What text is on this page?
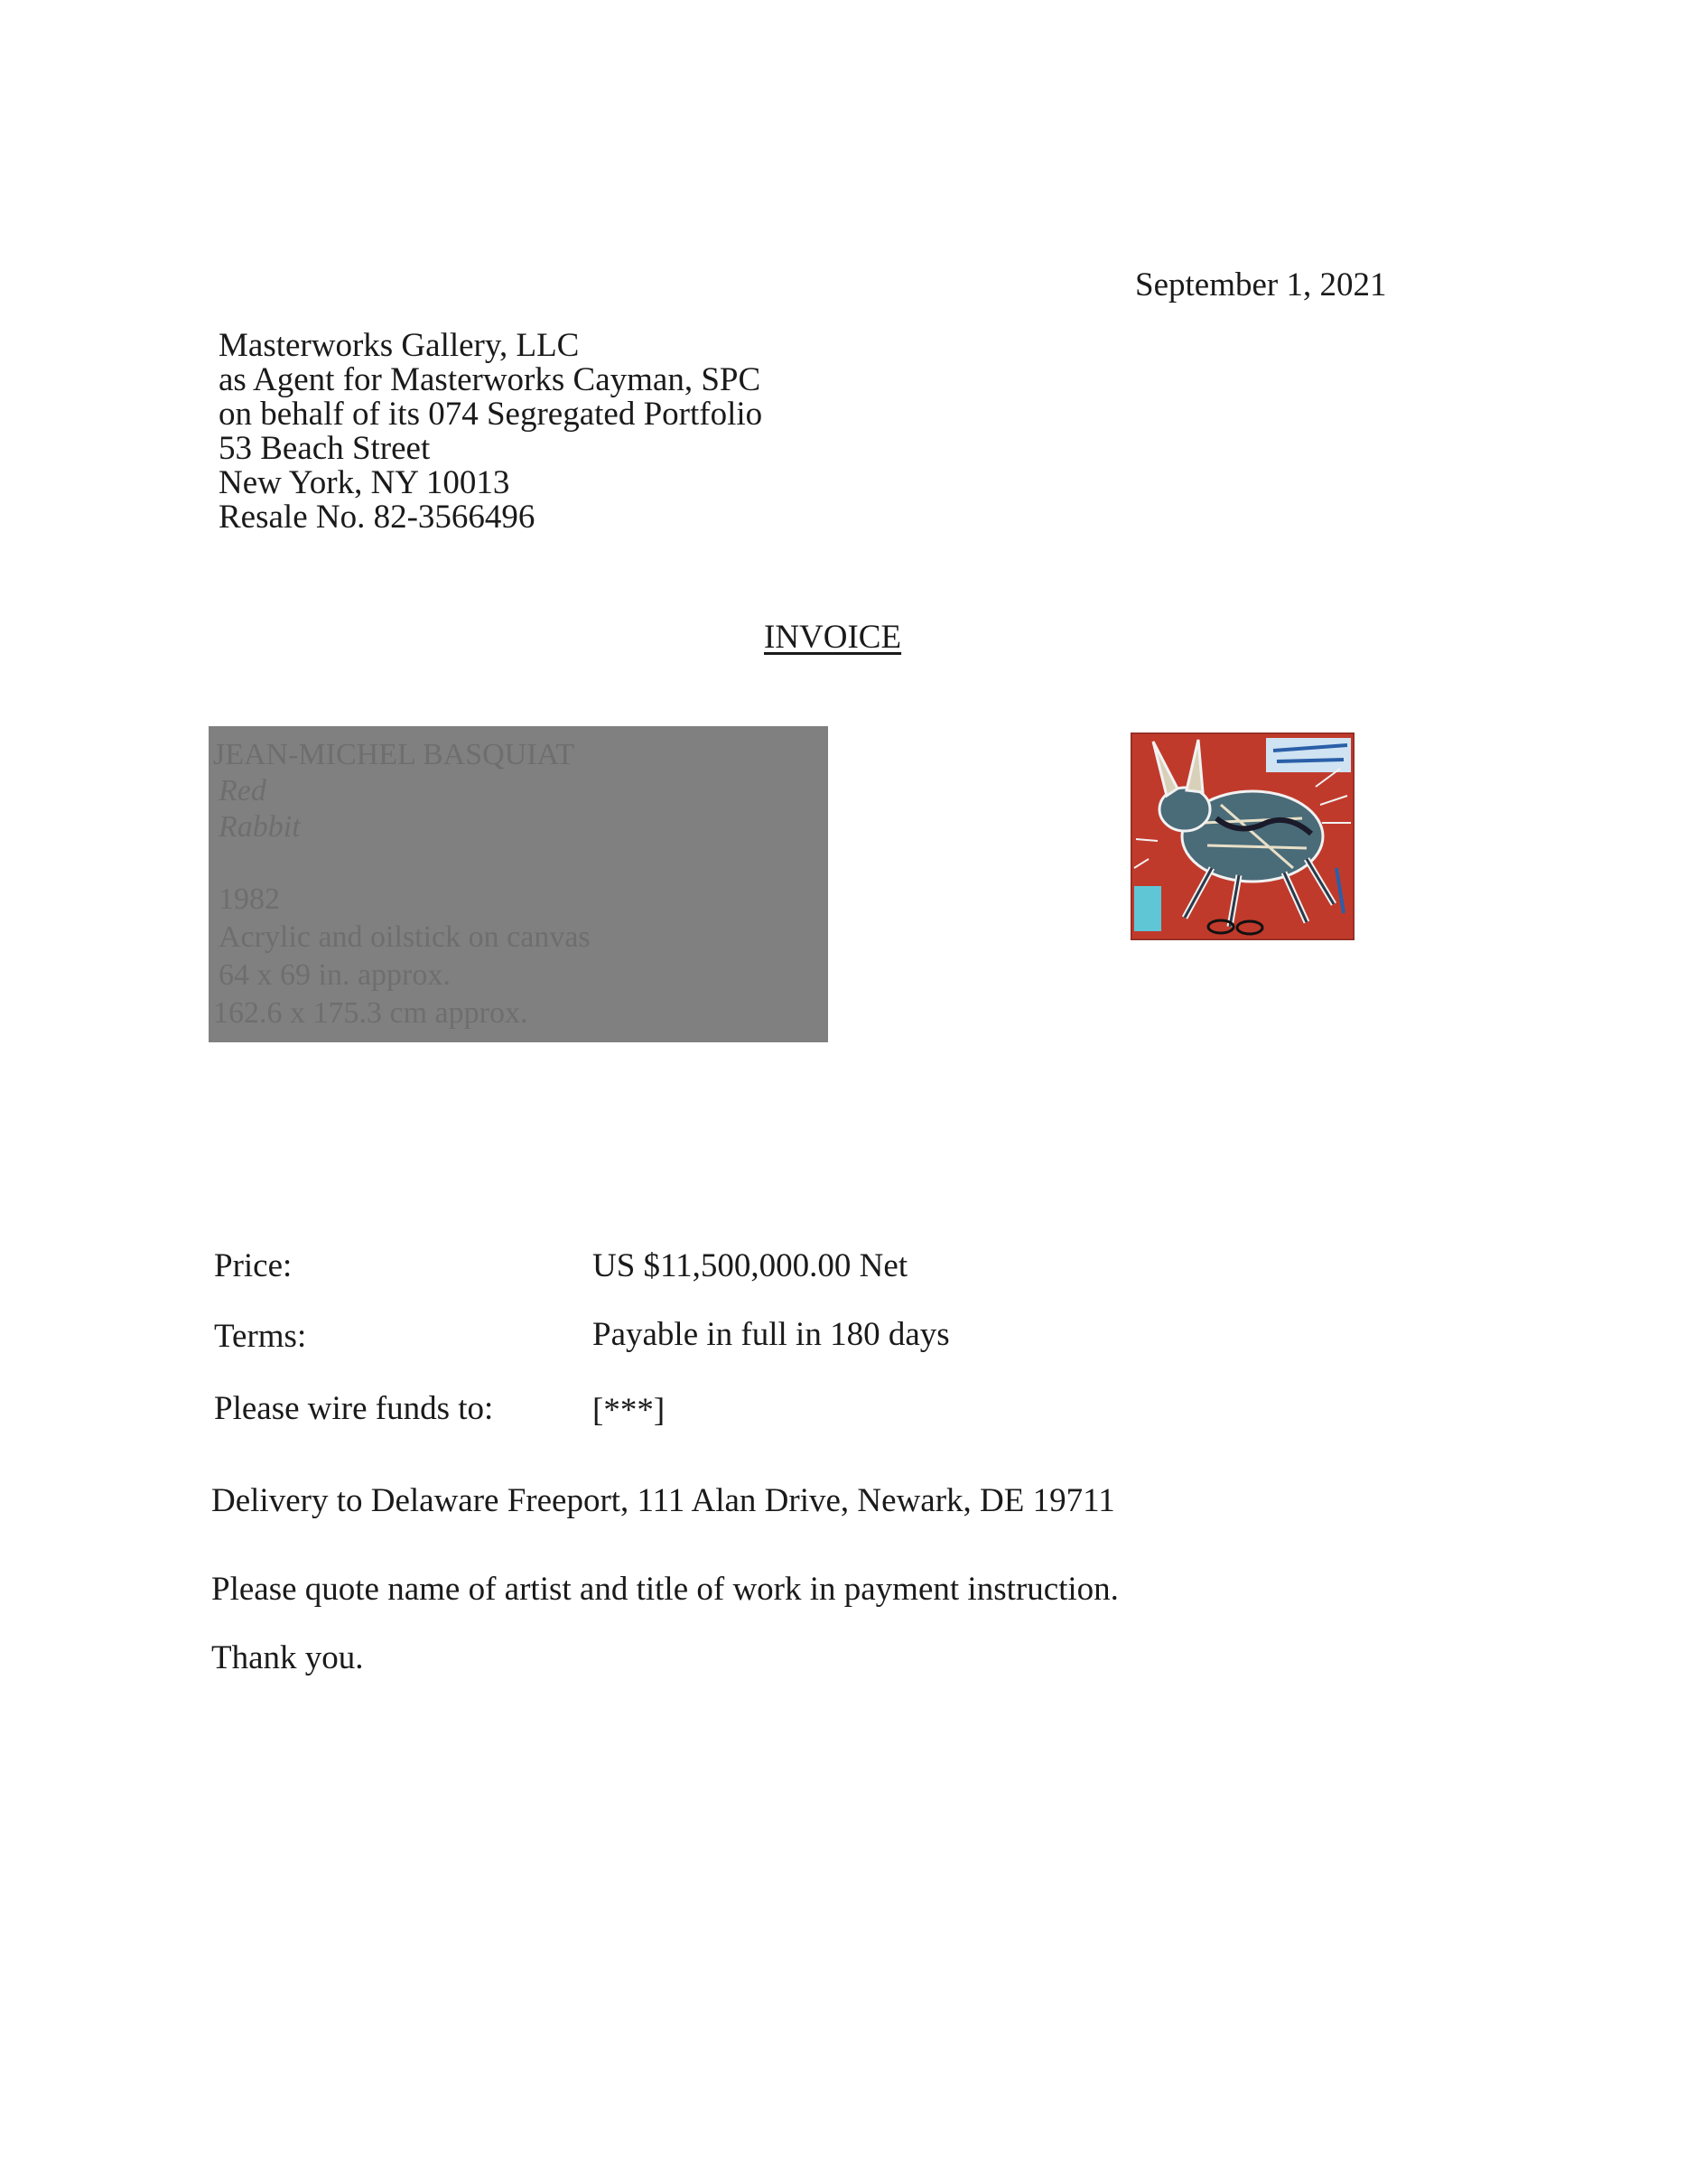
September 1, 2021
Masterworks Gallery, LLC
as Agent for Masterworks Cayman, SPC
on behalf of its 074 Segregated Portfolio
53 Beach Street
New York, NY 10013
Resale No. 82-3566496
INVOICE
JEAN-MICHEL BASQUIAT
Red
Rabbit
1982
Acrylic and oilstick on canvas
64 x 69 in. approx.
162.6 x 175.3 cm approx.
Price:	US $11,500,000.00 Net
Terms:	Payable in full in 180 days
Please wire funds to:	[***]
Delivery to Delaware Freeport, 111 Alan Drive, Newark, DE 19711
Please quote name of artist and title of work in payment instruction.
Thank you.
